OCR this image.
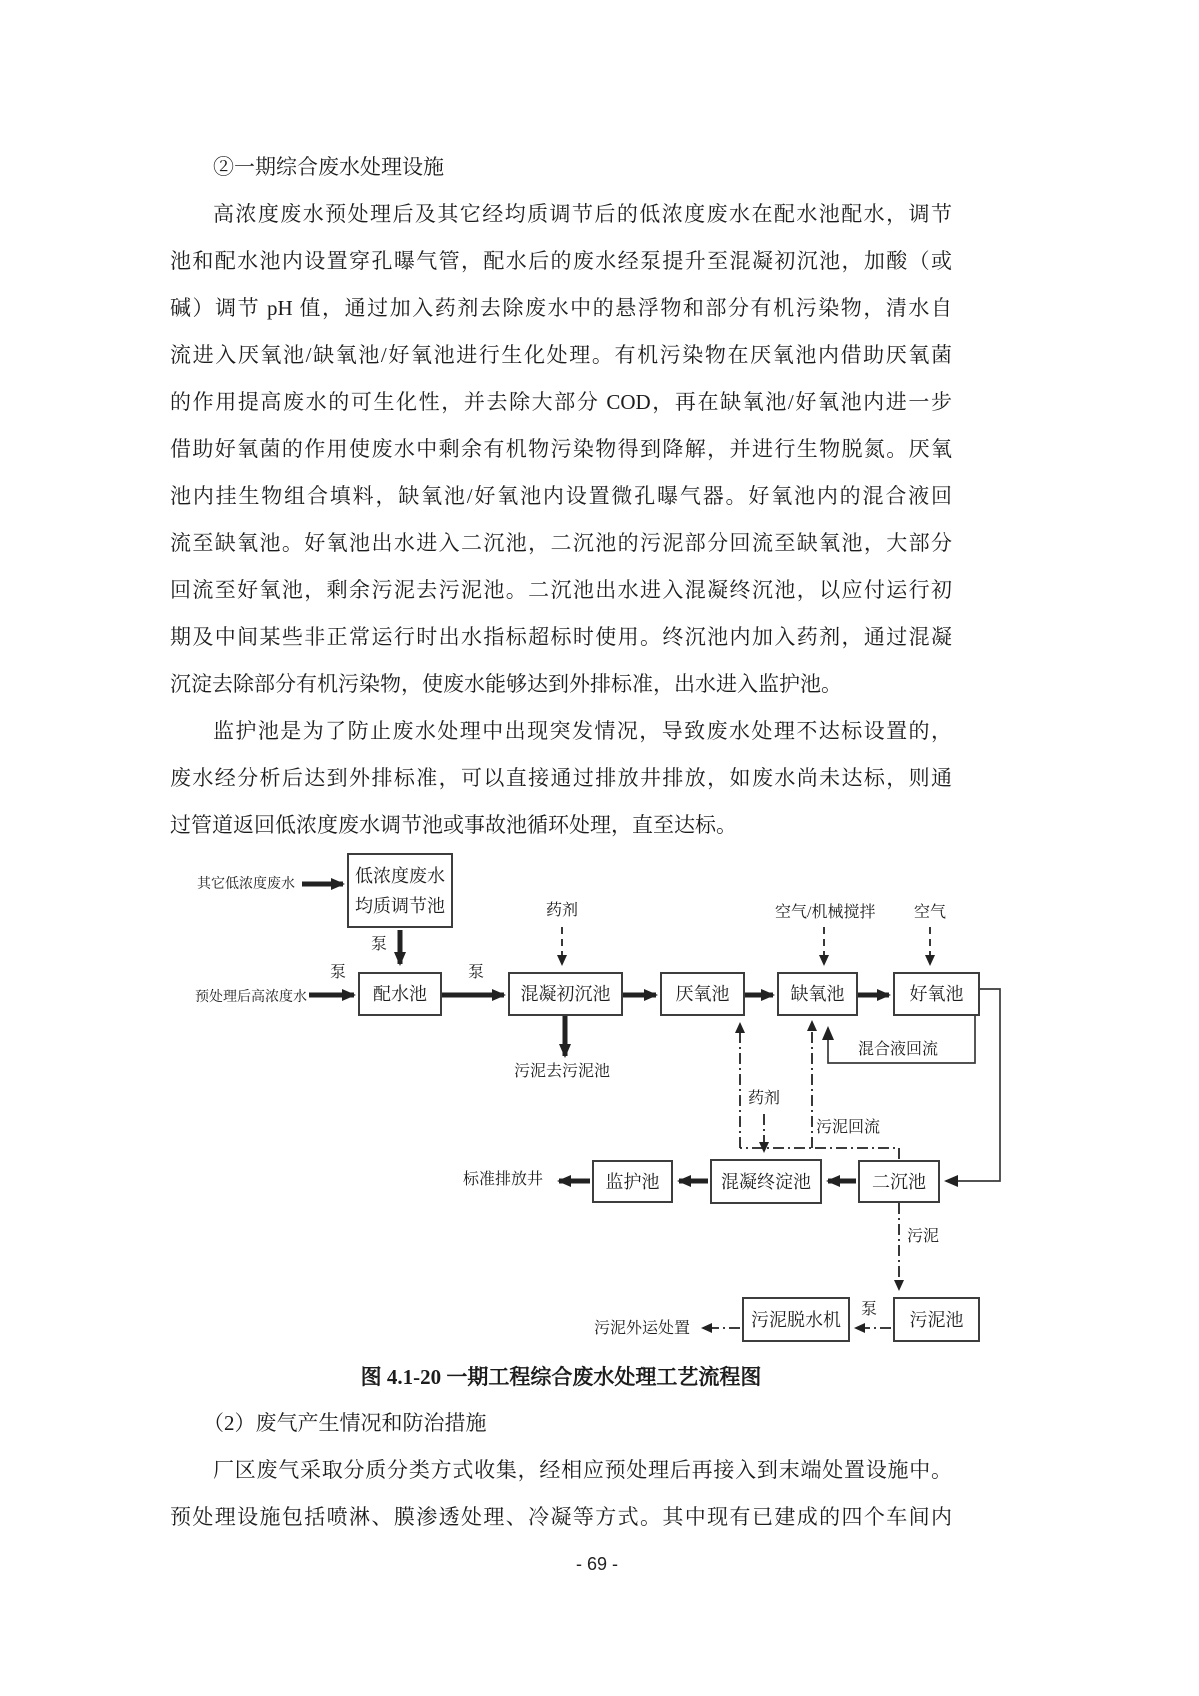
②一期综合废水处理设施
高浓度废水预处理后及其它经均质调节后的低浓度废水在配水池配水，调节
池和配水池内设置穿孔曝气管，配水后的废水经泵提升至混凝初沉池，加酸（或
碱）调节 pH 值，通过加入药剂去除废水中的悬浮物和部分有机污染物，清水自
流进入厌氧池/缺氧池/好氧池进行生化处理。有机污染物在厌氧池内借助厌氧菌
的作用提高废水的可生化性，并去除大部分 COD，再在缺氧池/好氧池内进一步
借助好氧菌的作用使废水中剩余有机物污染物得到降解，并进行生物脱氮。厌氧
池内挂生物组合填料，缺氧池/好氧池内设置微孔曝气器。好氧池内的混合液回
流至缺氧池。好氧池出水进入二沉池，二沉池的污泥部分回流至缺氧池，大部分
回流至好氧池，剩余污泥去污泥池。二沉池出水进入混凝终沉池，以应付运行初
期及中间某些非正常运行时出水指标超标时使用。终沉池内加入药剂，通过混凝
沉淀去除部分有机污染物，使废水能够达到外排标准，出水进入监护池。
监护池是为了防止废水处理中出现突发情况，导致废水处理不达标设置的，
废水经分析后达到外排标准，可以直接通过排放井排放，如废水尚未达标，则通
过管道返回低浓度废水调节池或事故池循环处理，直至达标。
低浓度废水均质调节池
配水池	混凝初沉池	厌氧池	缺氧池	好氧池
监护池	混凝终淀池	二沉池
污泥脱水机	污泥池
其它低浓度废水
预处理后高浓度水
泵
泵
泵
药剂	空气/机械搅拌 空气
污泥去污泥池
混合液回流
药剂
污泥回流
标准排放井
污泥
泵
污泥外运处置
图 4.1-20 一期工程综合废水处理工艺流程图
（2）废气产生情况和防治措施
厂区废气采取分质分类方式收集，经相应预处理后再接入到末端处置设施中。
预处理设施包括喷淋、膜渗透处理、冷凝等方式。其中现有已建成的四个车间内
- 69 -
